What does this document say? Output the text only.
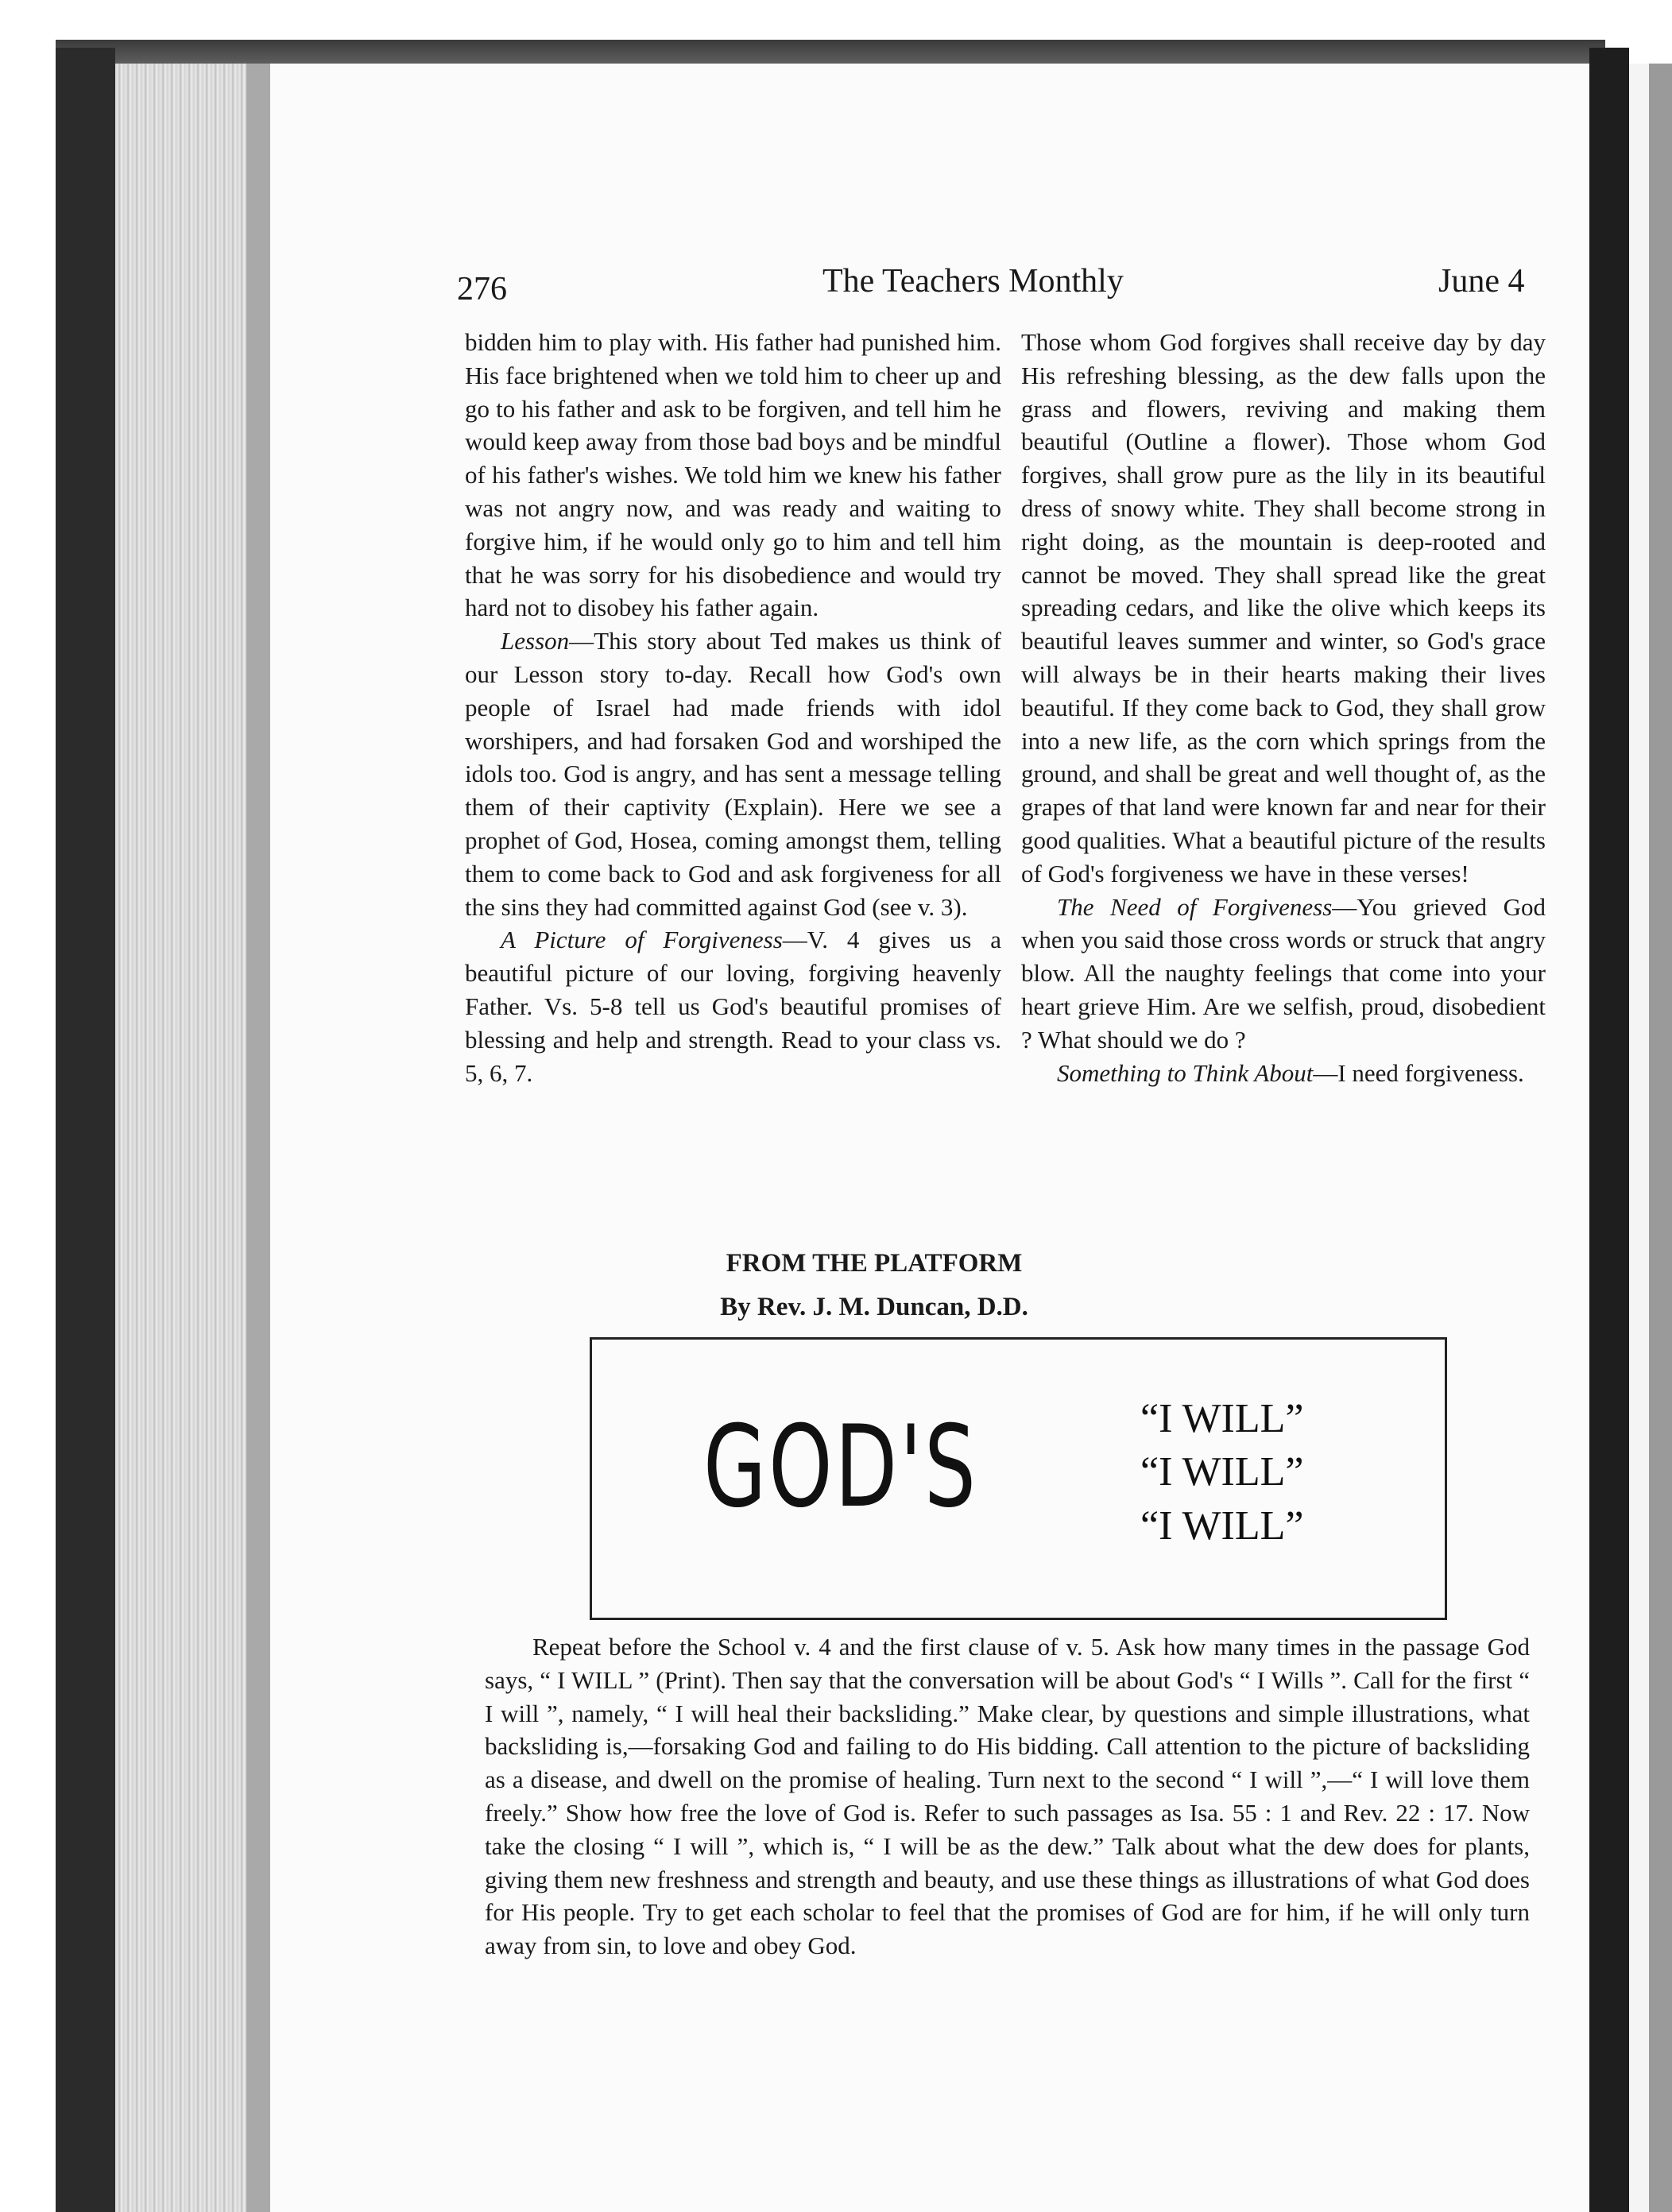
276	The Teachers Monthly	June 4

bidden him to play with. His father had punished him. His face brightened when we told him to cheer up and go to his father and ask to be forgiven, and tell him he would keep away from those bad boys and be mindful of his father's wishes. We told him we knew his father was not angry now, and was ready and waiting to forgive him, if he would only go to him and tell him that he was sorry for his disobedience and would try hard not to disobey his father again.

Lesson—This story about Ted makes us think of our Lesson story to-day. Recall how God's own people of Israel had made friends with idol worshipers, and had forsaken God and worshiped the idols too. God is angry, and has sent a message telling them of their captivity (Explain). Here we see a prophet of God, Hosea, coming amongst them, telling them to come back to God and ask forgiveness for all the sins they had committed against God (see v. 3).

A Picture of Forgiveness—V. 4 gives us a beautiful picture of our loving, forgiving heavenly Father. Vs. 5-8 tell us God's beautiful promises of blessing and help and strength. Read to your class vs. 5, 6, 7.

Those whom God forgives shall receive day by day His refreshing blessing, as the dew falls upon the grass and flowers, reviving and making them beautiful (Outline a flower). Those whom God forgives, shall grow pure as the lily in its beautiful dress of snowy white. They shall become strong in right doing, as the mountain is deep-rooted and cannot be moved. They shall spread like the great spreading cedars, and like the olive which keeps its beautiful leaves summer and winter, so God's grace will always be in their hearts making their lives beautiful. If they come back to God, they shall grow into a new life, as the corn which springs from the ground, and shall be great and well thought of, as the grapes of that land were known far and near for their good qualities. What a beautiful picture of the results of God's forgiveness we have in these verses!

The Need of Forgiveness—You grieved God when you said those cross words or struck that angry blow. All the naughty feelings that come into your heart grieve Him. Are we selfish, proud, disobedient ? What should we do ?

Something to Think About—I need forgiveness.

FROM THE PLATFORM
By Rev. J. M. Duncan, D.D.
GOD'S	“I WILL”
“I WILL”
“I WILL”

Repeat before the School v. 4 and the first clause of v. 5. Ask how many times in the passage God says, “ I WILL ” (Print). Then say that the conversation will be about God's “ I Wills ”. Call for the first “ I will ”, namely, “ I will heal their backsliding.” Make clear, by questions and simple illustrations, what backsliding is,—forsaking God and failing to do His bidding. Call attention to the picture of backsliding as a disease, and dwell on the promise of healing. Turn next to the second “ I will ”,—“ I will love them freely.” Show how free the love of God is. Refer to such passages as Isa. 55 : 1 and Rev. 22 : 17. Now take the closing “ I will ”, which is, “ I will be as the dew.” Talk about what the dew does for plants, giving them new freshness and strength and beauty, and use these things as illustrations of what God does for His people. Try to get each scholar to feel that the promises of God are for him, if he will only turn away from sin, to love and obey God.
